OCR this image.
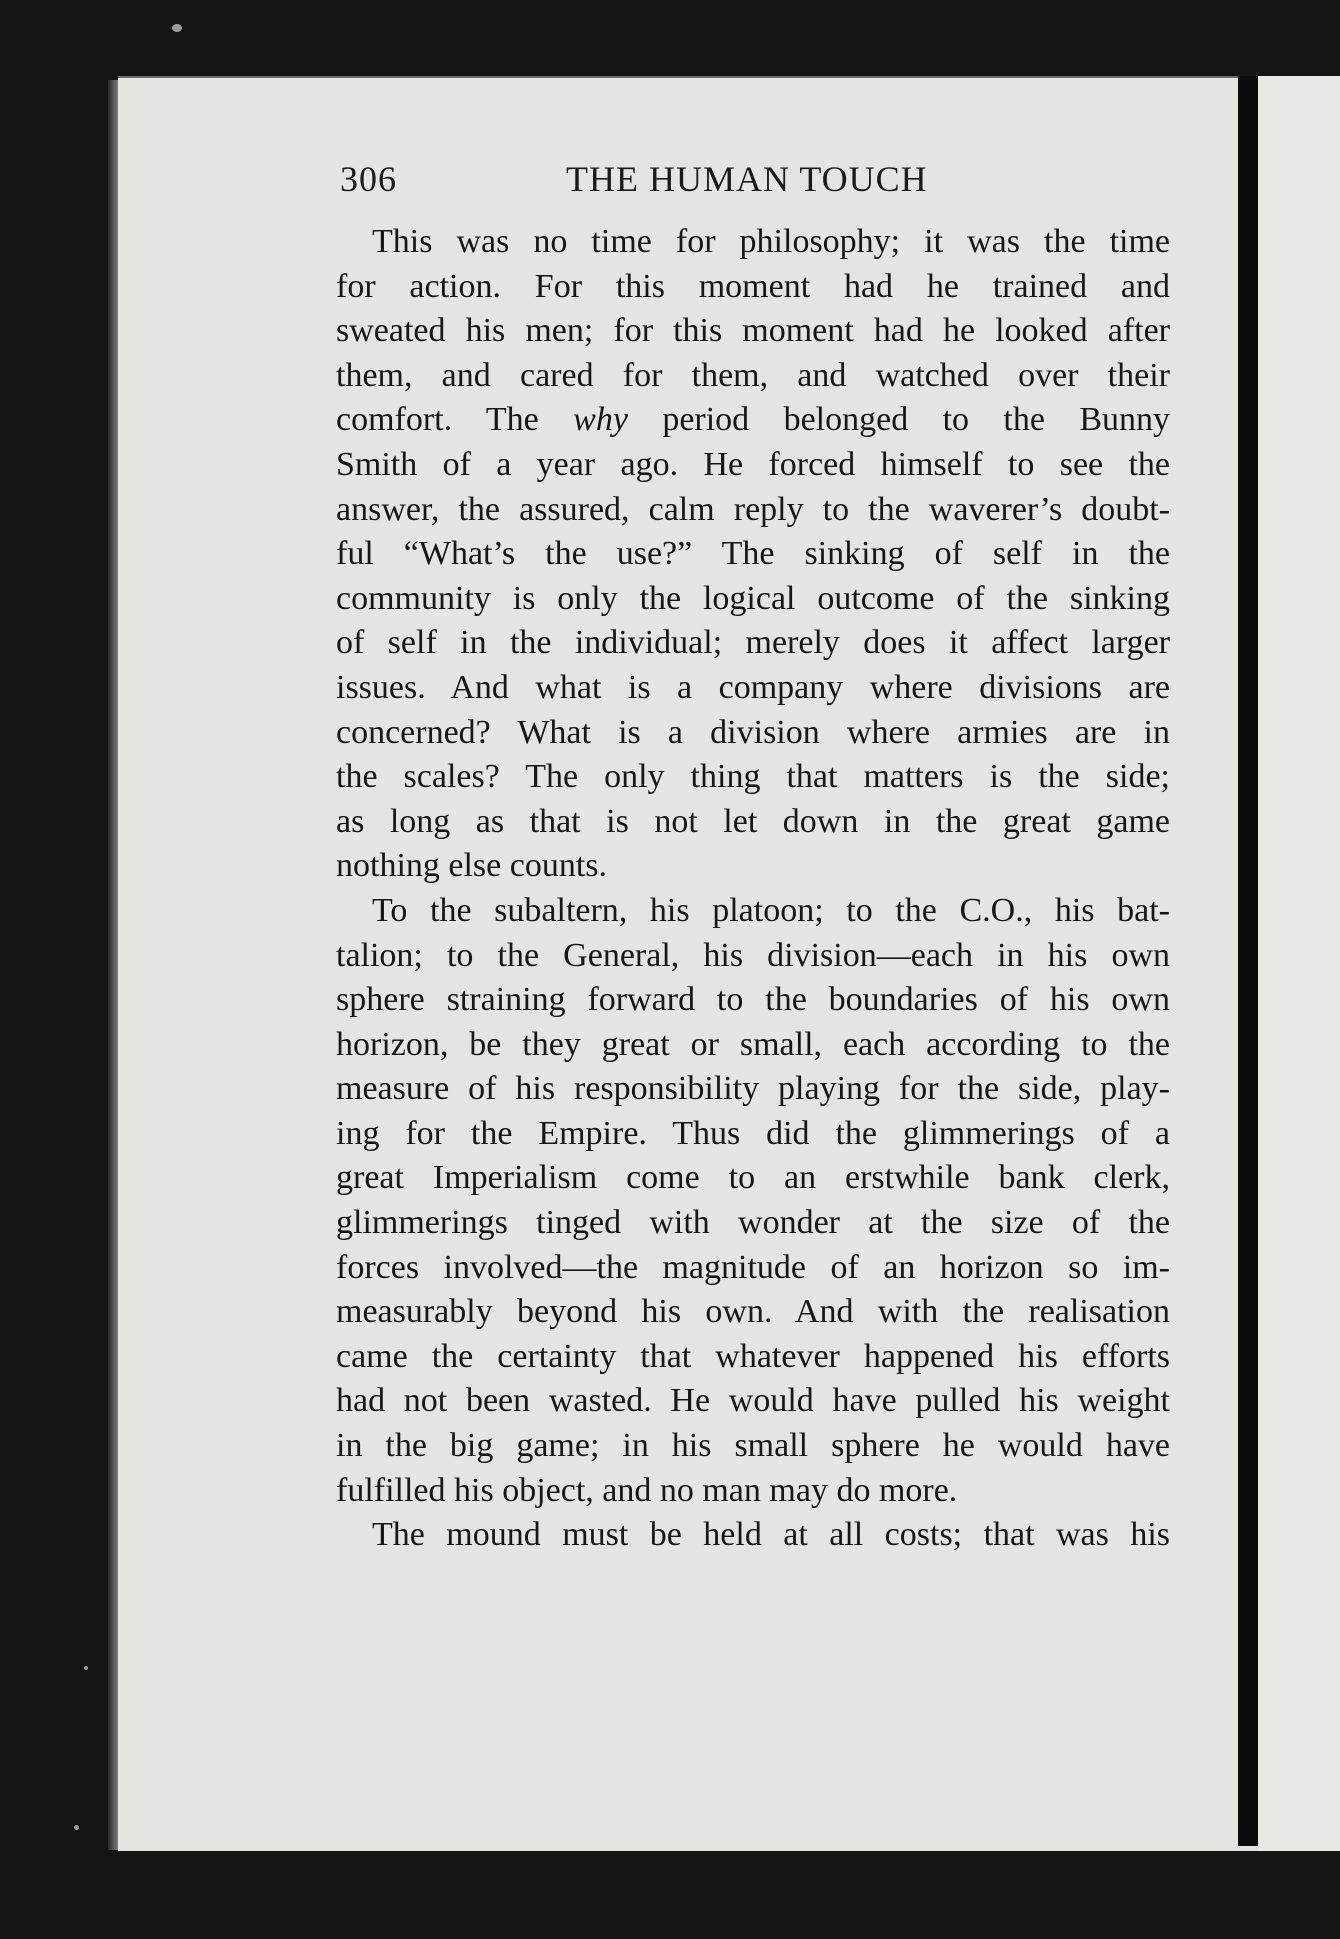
306	THE HUMAN TOUCH
This was no time for philosophy; it was the time
for action. For this moment had he trained and
sweated his men; for this moment had he looked after
them, and cared for them, and watched over their
comfort. The why period belonged to the Bunny
Smith of a year ago. He forced himself to see the
answer, the assured, calm reply to the waverer’s doubt-
ful “What’s the use?” The sinking of self in the
community is only the logical outcome of the sinking
of self in the individual; merely does it affect larger
issues. And what is a company where divisions are
concerned? What is a division where armies are in
the scales? The only thing that matters is the side;
as long as that is not let down in the great game
nothing else counts.
To the subaltern, his platoon; to the C.O., his bat-
talion; to the General, his division—each in his own
sphere straining forward to the boundaries of his own
horizon, be they great or small, each according to the
measure of his responsibility playing for the side, play-
ing for the Empire. Thus did the glimmerings of a
great Imperialism come to an erstwhile bank clerk,
glimmerings tinged with wonder at the size of the
forces involved—the magnitude of an horizon so im-
measurably beyond his own. And with the realisation
came the certainty that whatever happened his efforts
had not been wasted. He would have pulled his weight
in the big game; in his small sphere he would have
fulfilled his object, and no man may do more.
The mound must be held at all costs; that was his
